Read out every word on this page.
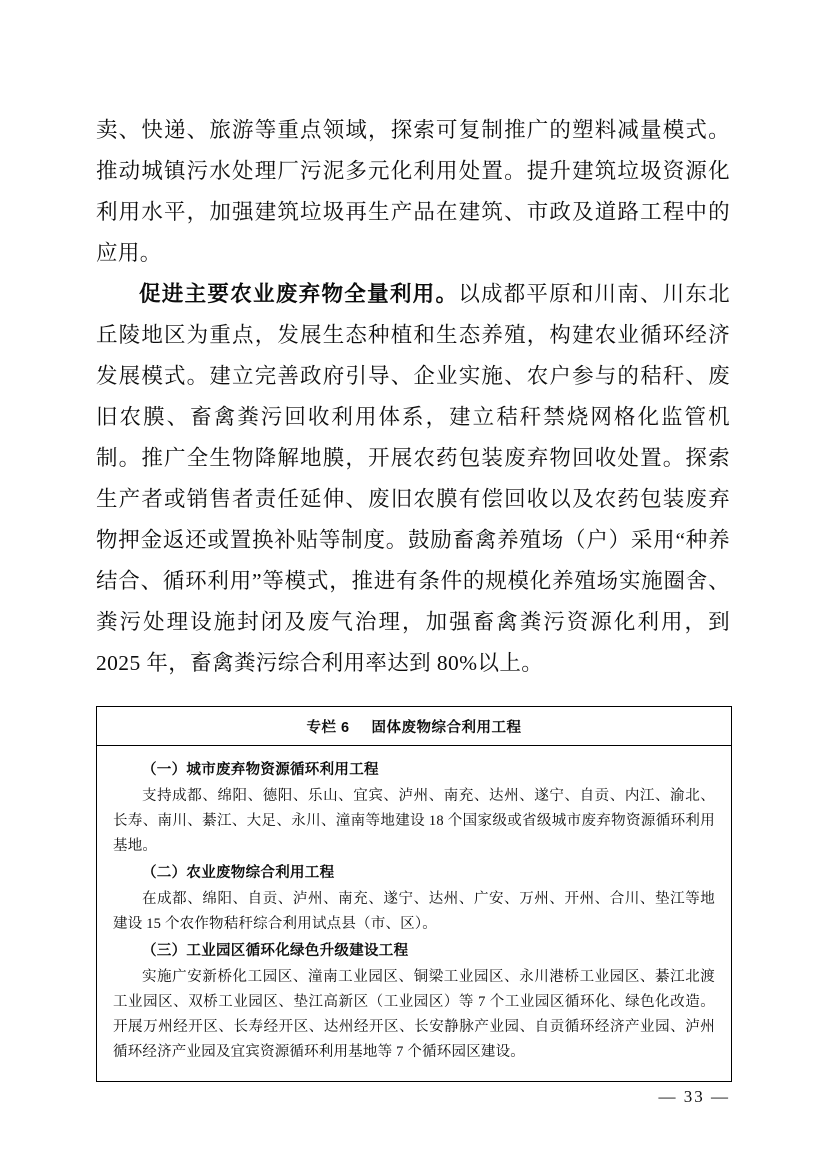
卖、快递、旅游等重点领域，探索可复制推广的塑料减量模式。推动城镇污水处理厂污泥多元化利用处置。提升建筑垃圾资源化利用水平，加强建筑垃圾再生产品在建筑、市政及道路工程中的应用。

促进主要农业废弃物全量利用。以成都平原和川南、川东北丘陵地区为重点，发展生态种植和生态养殖，构建农业循环经济发展模式。建立完善政府引导、企业实施、农户参与的秸秆、废旧农膜、畜禽粪污回收利用体系，建立秸秆禁烧网格化监管机制。推广全生物降解地膜，开展农药包装废弃物回收处置。探索生产者或销售者责任延伸、废旧农膜有偿回收以及农药包装废弃物押金返还或置换补贴等制度。鼓励畜禽养殖场（户）采用“种养结合、循环利用”等模式，推进有条件的规模化养殖场实施圈舍、粪污处理设施封闭及废气治理，加强畜禽粪污资源化利用，到 2025 年，畜禽粪污综合利用率达到 80%以上。

专栏 6 固体废物综合利用工程

（一）城市废弃物资源循环利用工程

支持成都、绵阳、德阳、乐山、宜宾、泸州、南充、达州、遂宁、自贡、内江、渝北、长寿、南川、綦江、大足、永川、潼南等地建设 18 个国家级或省级城市废弃物资源循环利用基地。

（二）农业废物综合利用工程

在成都、绵阳、自贡、泸州、南充、遂宁、达州、广安、万州、开州、合川、垫江等地建设 15 个农作物秸秆综合利用试点县（市、区）。

（三）工业园区循环化绿色升级建设工程

实施广安新桥化工园区、潼南工业园区、铜梁工业园区、永川港桥工业园区、綦江北渡工业园区、双桥工业园区、垫江高新区（工业园区）等 7 个工业园区循环化、绿色化改造。开展万州经开区、长寿经开区、达州经开区、长安静脉产业园、自贡循环经济产业园、泸州循环经济产业园及宜宾资源循环利用基地等 7 个循环园区建设。

— 33 —
